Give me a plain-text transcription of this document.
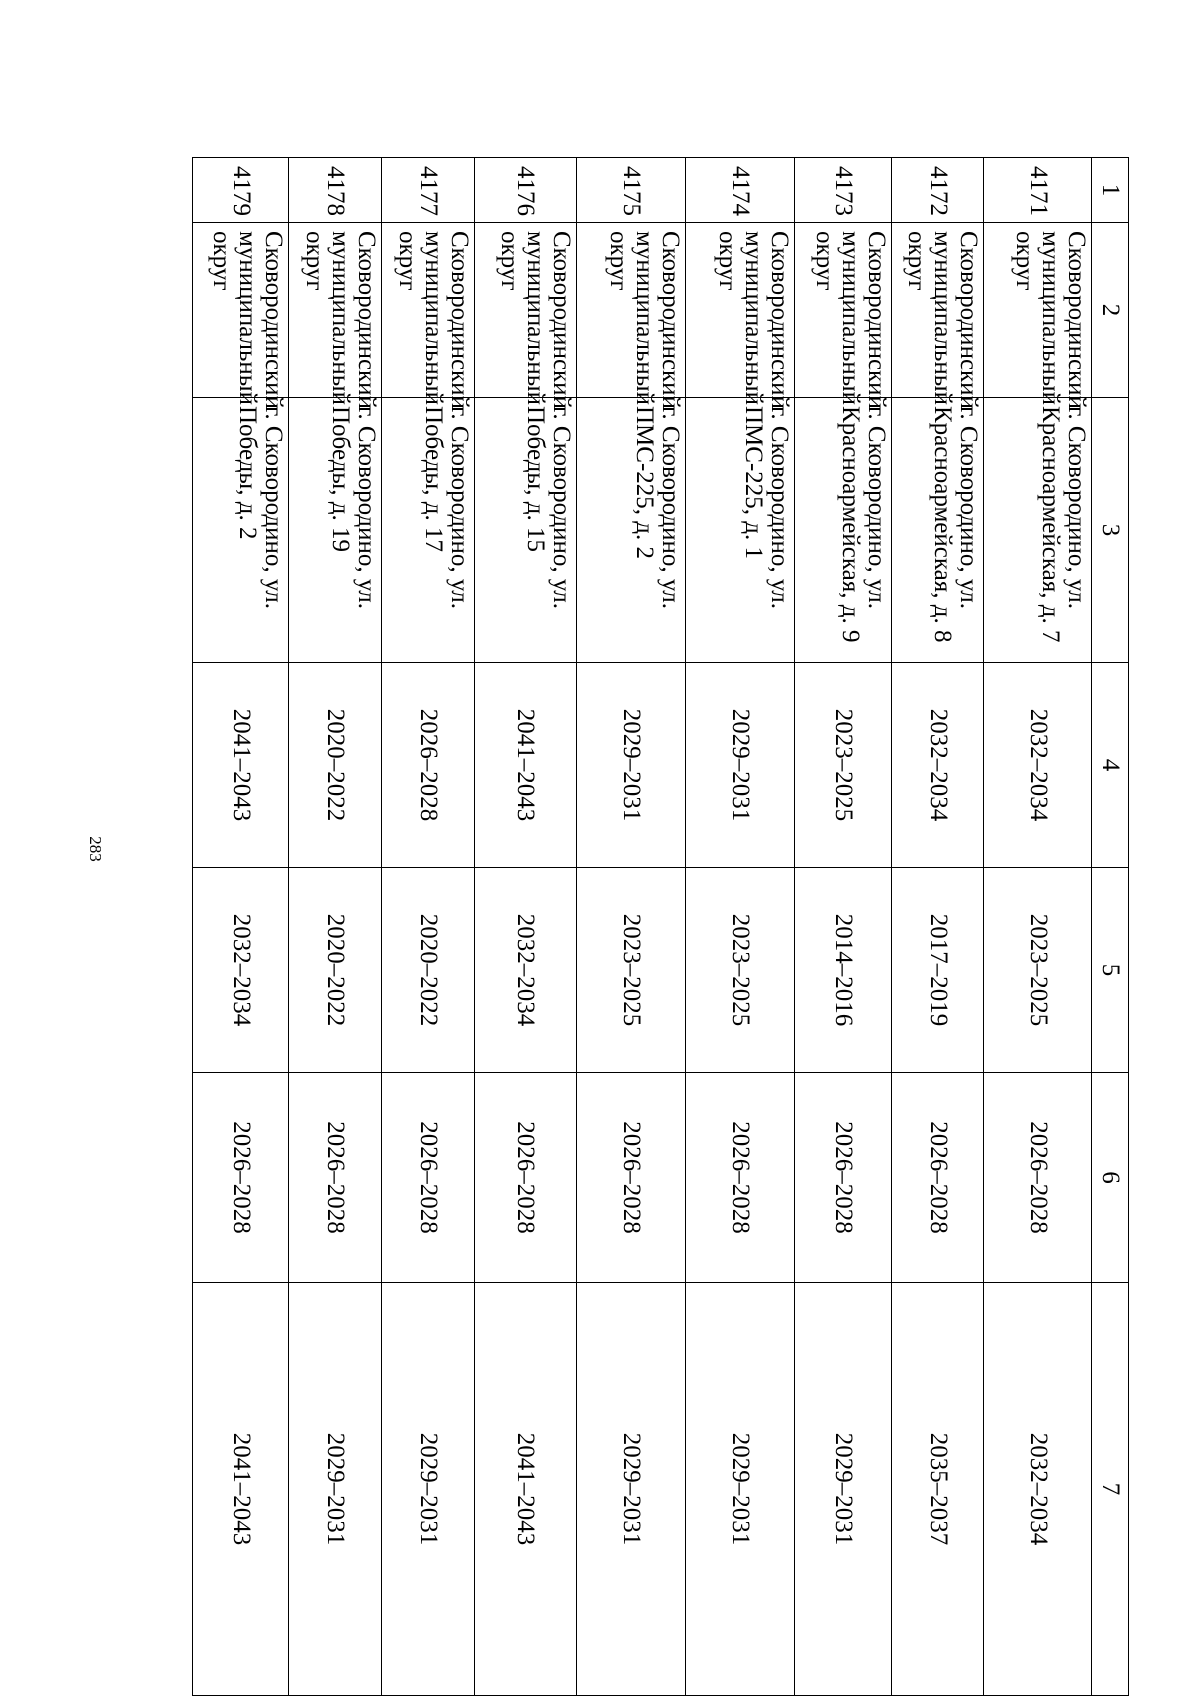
283
1	2	3	4	5	6	7
4171	Сковородинский муниципальный округ	г. Сковородино, ул. Красноармейская, д. 7	2032–2034	2023–2025	2026–2028	2032–2034
4172	Сковородинский муниципальный округ	г. Сковородино, ул. Красноармейская, д. 8	2032–2034	2017–2019	2026–2028	2035–2037
4173	Сковородинский муниципальный округ	г. Сковородино, ул. Красноармейская, д. 9	2023–2025	2014–2016	2026–2028	2029–2031
4174	Сковородинский муниципальный округ	г. Сковородино, ул. ПМС-225, д. 1	2029–2031	2023–2025	2026–2028	2029–2031
4175	Сковородинский муниципальный округ	г. Сковородино, ул. ПМС-225, д. 2	2029–2031	2023–2025	2026–2028	2029–2031
4176	Сковородинский муниципальный округ	г. Сковородино, ул. Победы, д. 15	2041–2043	2032–2034	2026–2028	2041–2043
4177	Сковородинский муниципальный округ	г. Сковородино, ул. Победы, д. 17	2026–2028	2020–2022	2026–2028	2029–2031
4178	Сковородинский муниципальный округ	г. Сковородино, ул. Победы, д. 19	2020–2022	2020–2022	2026–2028	2029–2031
4179	Сковородинский муниципальный округ	г. Сковородино, ул. Победы, д. 2	2041–2043	2032–2034	2026–2028	2041–2043
